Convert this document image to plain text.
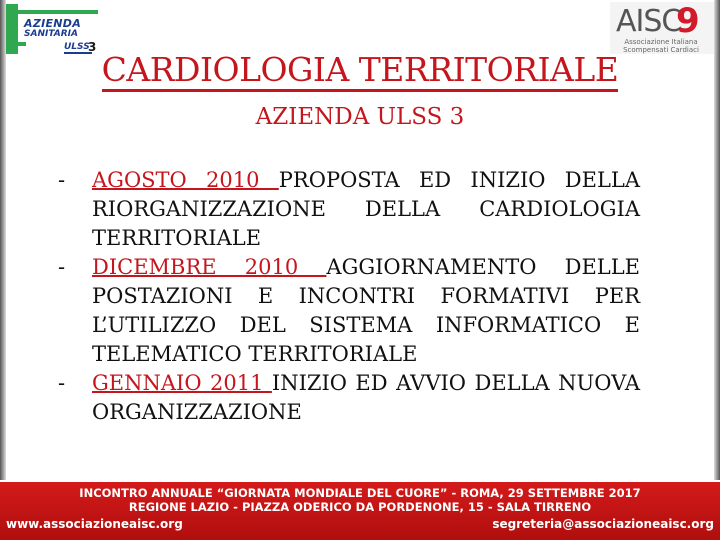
AZIENDA
SANITARIA
ULSS
3
AISC
9
Associazione Italiana Scompensati Cardiaci
CARDIOLOGIA TERRITORIALE
AZIENDA ULSS 3
- AGOSTO 2010 PROPOSTA ED INIZIO DELLA RIORGANIZZAZIONE DELLA CARDIOLOGIA TERRITORIALE
- DICEMBRE 2010 AGGIORNAMENTO DELLE POSTAZIONI E INCONTRI FORMATIVI PER L’UTILIZZO DEL SISTEMA INFORMATICO E TELEMATICO TERRITORIALE
- GENNAIO 2011 INIZIO ED AVVIO DELLA NUOVA ORGANIZZAZIONE
INCONTRO ANNUALE “GIORNATA MONDIALE DEL CUORE” - ROMA, 29 SETTEMBRE 2017
REGIONE LAZIO - PIAZZA ODERICO DA PORDENONE, 15 - SALA TIRRENO
www.associazioneaisc.org	segreteria@associazioneaisc.org
